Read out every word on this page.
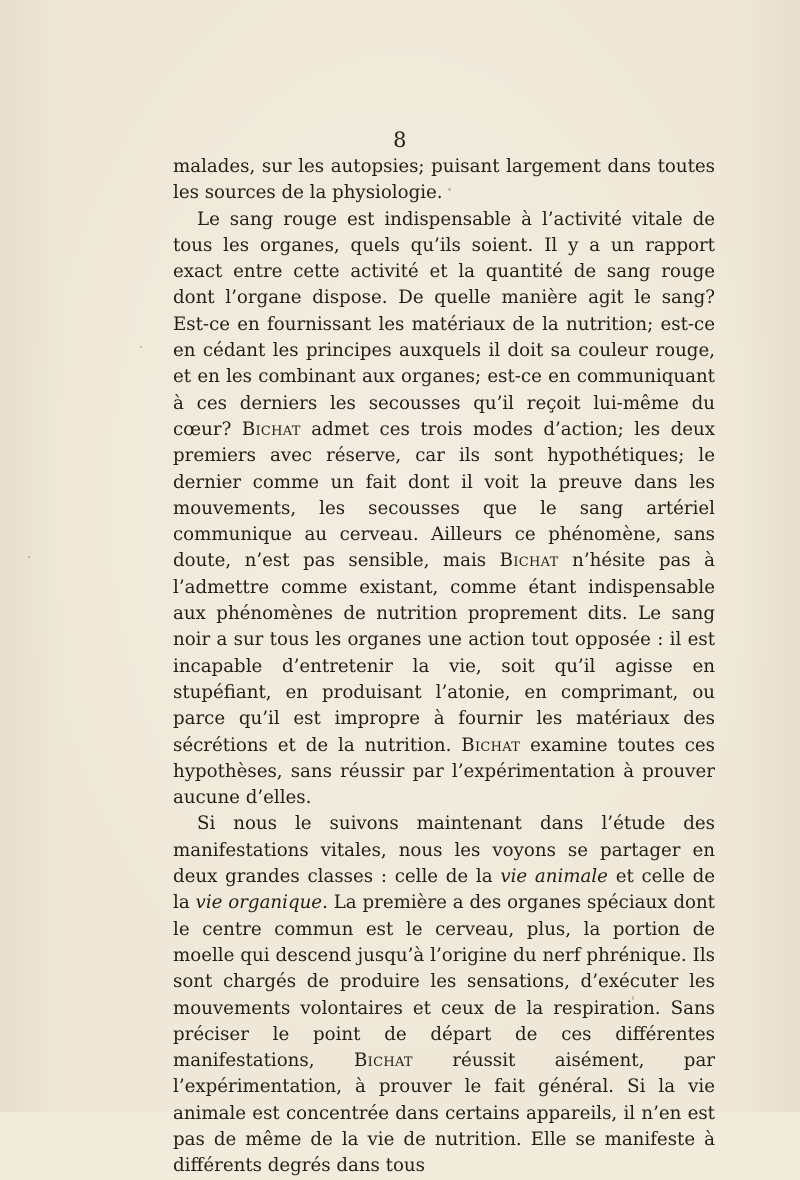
8

malades, sur les autopsies; puisant largement dans toutes les sources de la physiologie.

Le sang rouge est indispensable à l’activité vitale de tous les organes, quels qu’ils soient. Il y a un rapport exact entre cette activité et la quantité de sang rouge dont l’organe dispose. De quelle manière agit le sang? Est-ce en fournissant les matériaux de la nutrition; est-ce en cédant les principes auxquels il doit sa couleur rouge, et en les combinant aux organes; est-ce en communiquant à ces derniers les secousses qu’il reçoit lui-même du cœur? Bichat admet ces trois modes d’action; les deux premiers avec réserve, car ils sont hypothétiques; le dernier comme un fait dont il voit la preuve dans les mouvements, les secousses que le sang artériel communique au cerveau. Ailleurs ce phénomène, sans doute, n’est pas sensible, mais Bichat n’hésite pas à l’admettre comme existant, comme étant indispensable aux phénomènes de nutrition proprement dits. Le sang noir a sur tous les organes une action tout opposée : il est incapable d’entretenir la vie, soit qu’il agisse en stupéfiant, en produisant l’atonie, en comprimant, ou parce qu’il est impropre à fournir les matériaux des sécrétions et de la nutrition. Bichat examine toutes ces hypothèses, sans réussir par l’expérimentation à prouver aucune d’elles.

Si nous le suivons maintenant dans l’étude des manifestations vitales, nous les voyons se partager en deux grandes classes : celle de la vie animale et celle de la vie organique. La première a des organes spéciaux dont le centre commun est le cerveau, plus, la portion de moelle qui descend jusqu’à l’origine du nerf phrénique. Ils sont chargés de produire les sensations, d’exécuter les mouvements volontaires et ceux de la respiration. Sans préciser le point de départ de ces différentes manifestations, Bichat réussit aisément, par l’expérimentation, à prouver le fait général. Si la vie animale est concentrée dans certains appareils, il n’en est pas de même de la vie de nutrition. Elle se manifeste à différents degrés dans tous
